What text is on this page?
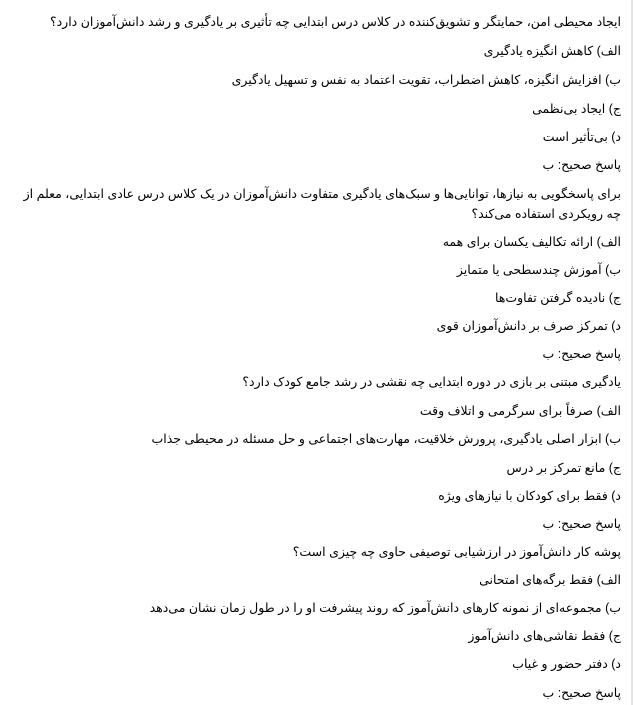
ایجاد محیطی امن، حمایتگر و تشویق‌کننده در کلاس درس ابتدایی چه تأثیری بر یادگیری و رشد دانش‌آموزان دارد؟
الف) کاهش انگیزه یادگیری
ب) افزایش انگیزه، کاهش اضطراب، تقویت اعتماد به نفس و تسهیل یادگیری
ج) ایجاد بی‌نظمی
د) بی‌تأثیر است
پاسخ صحیح: ب
برای پاسخگویی به نیازها، توانایی‌ها و سبک‌های یادگیری متفاوت دانش‌آموزان در یک کلاس درس عادی ابتدایی، معلم از چه رویکردی استفاده می‌کند؟
الف) ارائه تکالیف یکسان برای همه
ب) آموزش چندسطحی یا متمایز
ج) نادیده گرفتن تفاوت‌ها
د) تمرکز صرف بر دانش‌آموزان قوی
پاسخ صحیح: ب
یادگیری مبتنی بر بازی در دوره ابتدایی چه نقشی در رشد جامع کودک دارد؟
الف) صرفاً برای سرگرمی و اتلاف وقت
ب) ابزار اصلی یادگیری، پرورش خلاقیت، مهارت‌های اجتماعی و حل مسئله در محیطی جذاب
ج) مانع تمرکز بر درس
د) فقط برای کودکان با نیازهای ویژه
پاسخ صحیح: ب
پوشه کار دانش‌آموز در ارزشیابی توصیفی حاوی چه چیزی است؟
الف) فقط برگه‌های امتحانی
ب) مجموعه‌ای از نمونه کارهای دانش‌آموز که روند پیشرفت او را در طول زمان نشان می‌دهد
ج) فقط نقاشی‌های دانش‌آموز
د) دفتر حضور و غیاب
پاسخ صحیح: ب
